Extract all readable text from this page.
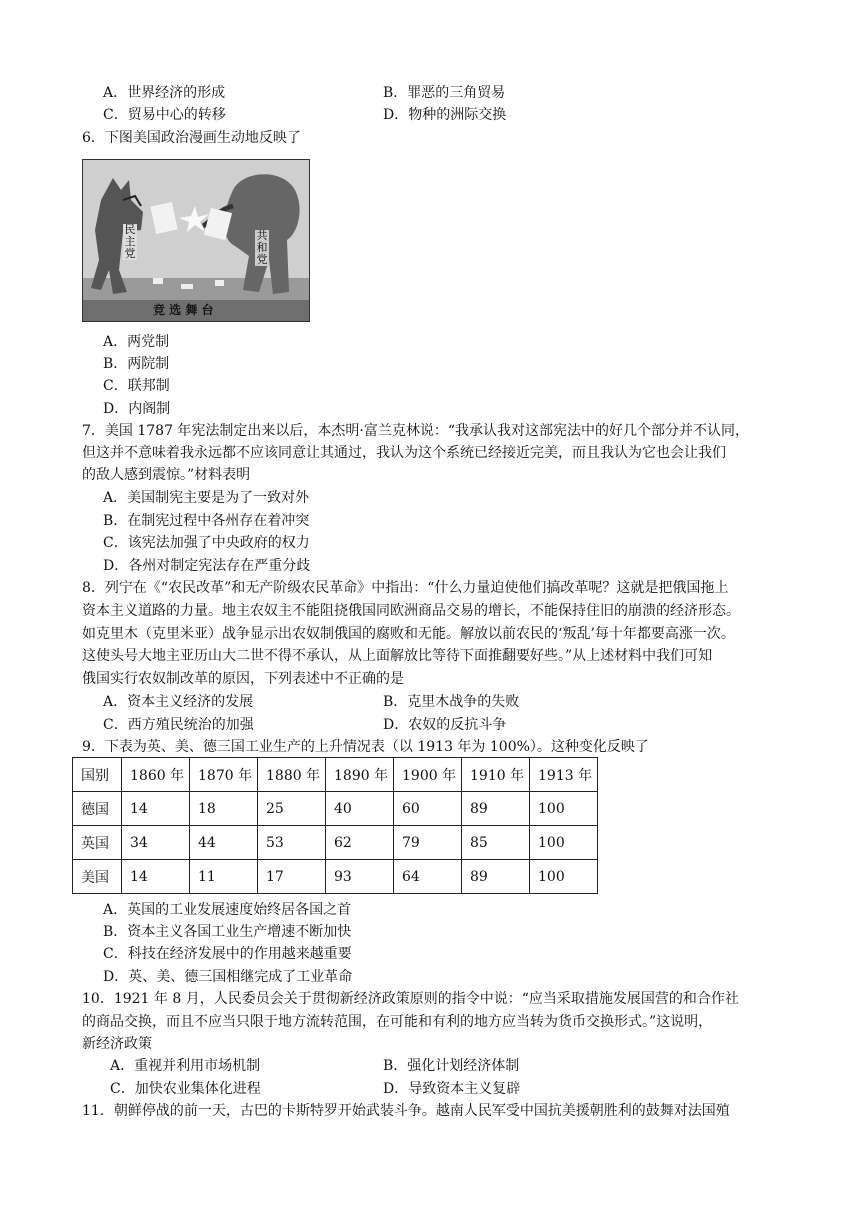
A．世界经济的形成	B．罪恶的三角贸易
C．贸易中心的转移	D．物种的洲际交换
6．下图美国政治漫画生动地反映了
民主党
共和党
竞 选 舞 台
A．两党制
B．两院制
C．联邦制
D．内阁制
7．美国 1787 年宪法制定出来以后，本杰明·富兰克林说：“我承认我对这部宪法中的好几个部分并不认同，
但这并不意味着我永远都不应该同意让其通过，我认为这个系统已经接近完美，而且我认为它也会让我们
的敌人感到震惊。”材料表明
A．美国制宪主要是为了一致对外
B．在制宪过程中各州存在着冲突
C．该宪法加强了中央政府的权力
D．各州对制定宪法存在严重分歧
8．列宁在《“农民改革”和无产阶级农民革命》中指出：“什么力量迫使他们搞改革呢？这就是把俄国拖上
资本主义道路的力量。地主农奴主不能阻挠俄国同欧洲商品交易的增长，不能保持住旧的崩溃的经济形态。
如克里木（克里米亚）战争显示出农奴制俄国的腐败和无能。解放以前农民的‘叛乱’每十年都要高涨一次。
这使头号大地主亚历山大二世不得不承认，从上面解放比等待下面推翻要好些。”从上述材料中我们可知
俄国实行农奴制改革的原因，下列表述中不正确的是
A．资本主义经济的发展	B．克里木战争的失败
C．西方殖民统治的加强	D．农奴的反抗斗争
9．下表为英、美、德三国工业生产的上升情况表（以 1913 年为 100%）。这种变化反映了
国别	1860 年	1870 年	1880 年	1890 年	1900 年	1910 年	1913 年
德国	14	18	25	40	60	89	100
英国	34	44	53	62	79	85	100
美国	14	11	17	93	64	89	100
A．英国的工业发展速度始终居各国之首
B．资本主义各国工业生产增速不断加快
C．科技在经济发展中的作用越来越重要
D．英、美、德三国相继完成了工业革命
10．1921 年 8 月，人民委员会关于贯彻新经济政策原则的指令中说：“应当采取措施发展国营的和合作社
的商品交换，而且不应当只限于地方流转范围，在可能和有利的地方应当转为货币交换形式。”这说明，
新经济政策
A．重视并利用市场机制	B．强化计划经济体制
C．加快农业集体化进程	D．导致资本主义复辟
11．朝鲜停战的前一天，古巴的卡斯特罗开始武装斗争。越南人民军受中国抗美援朝胜利的鼓舞对法国殖
